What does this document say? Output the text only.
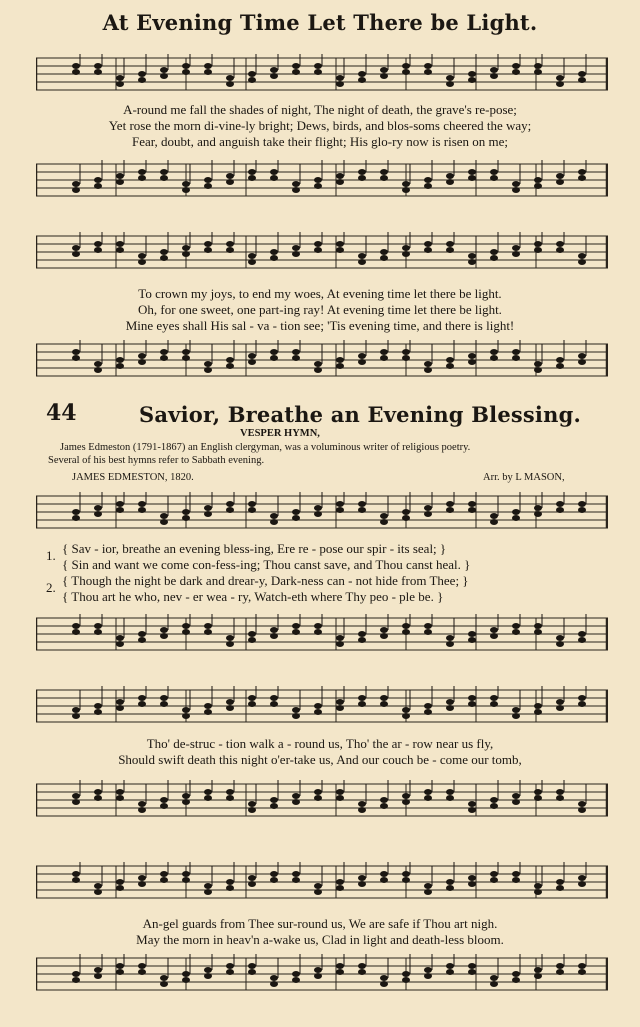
At Evening Time Let There be Light.
A-round me fall the shades of night, The night of death, the grave's re-pose;
Yet rose the morn di-vine-ly bright; Dews, birds, and blos-soms cheered the way;
Fear, doubt, and anguish take their flight; His glo-ry now is risen on me;
To crown my joys, to end my woes, At evening time let there be light.
Oh, for one sweet, one part-ing ray! At evening time let there be light.
Mine eyes shall His sal - va - tion see; 'Tis evening time, and there is light!
44	Savior, Breathe an Evening Blessing.
VESPER HYMN,
James Edmeston (1791-1867) an English clergyman, was a voluminous writer of religious poetry.
Several of his best hymns refer to Sabbath evening.
JAMES EDMESTON, 1820.	Arr. by L MASON,
1.
2.
{ Sav - ior, breathe an evening bless-ing, Ere re - pose our spir - its seal; }
{ Sin and want we come con-fess-ing; Thou canst save, and Thou canst heal. }
{ Though the night be dark and drear-y, Dark-ness can - not hide from Thee; }
{ Thou art he who, nev - er wea - ry, Watch-eth where Thy peo - ple be. }
Tho' de-struc - tion walk a - round us, Tho' the ar - row near us fly,
Should swift death this night o'er-take us, And our couch be - come our tomb,
An-gel guards from Thee sur-round us, We are safe if Thou art nigh.
May the morn in heav'n a-wake us, Clad in light and death-less bloom.
